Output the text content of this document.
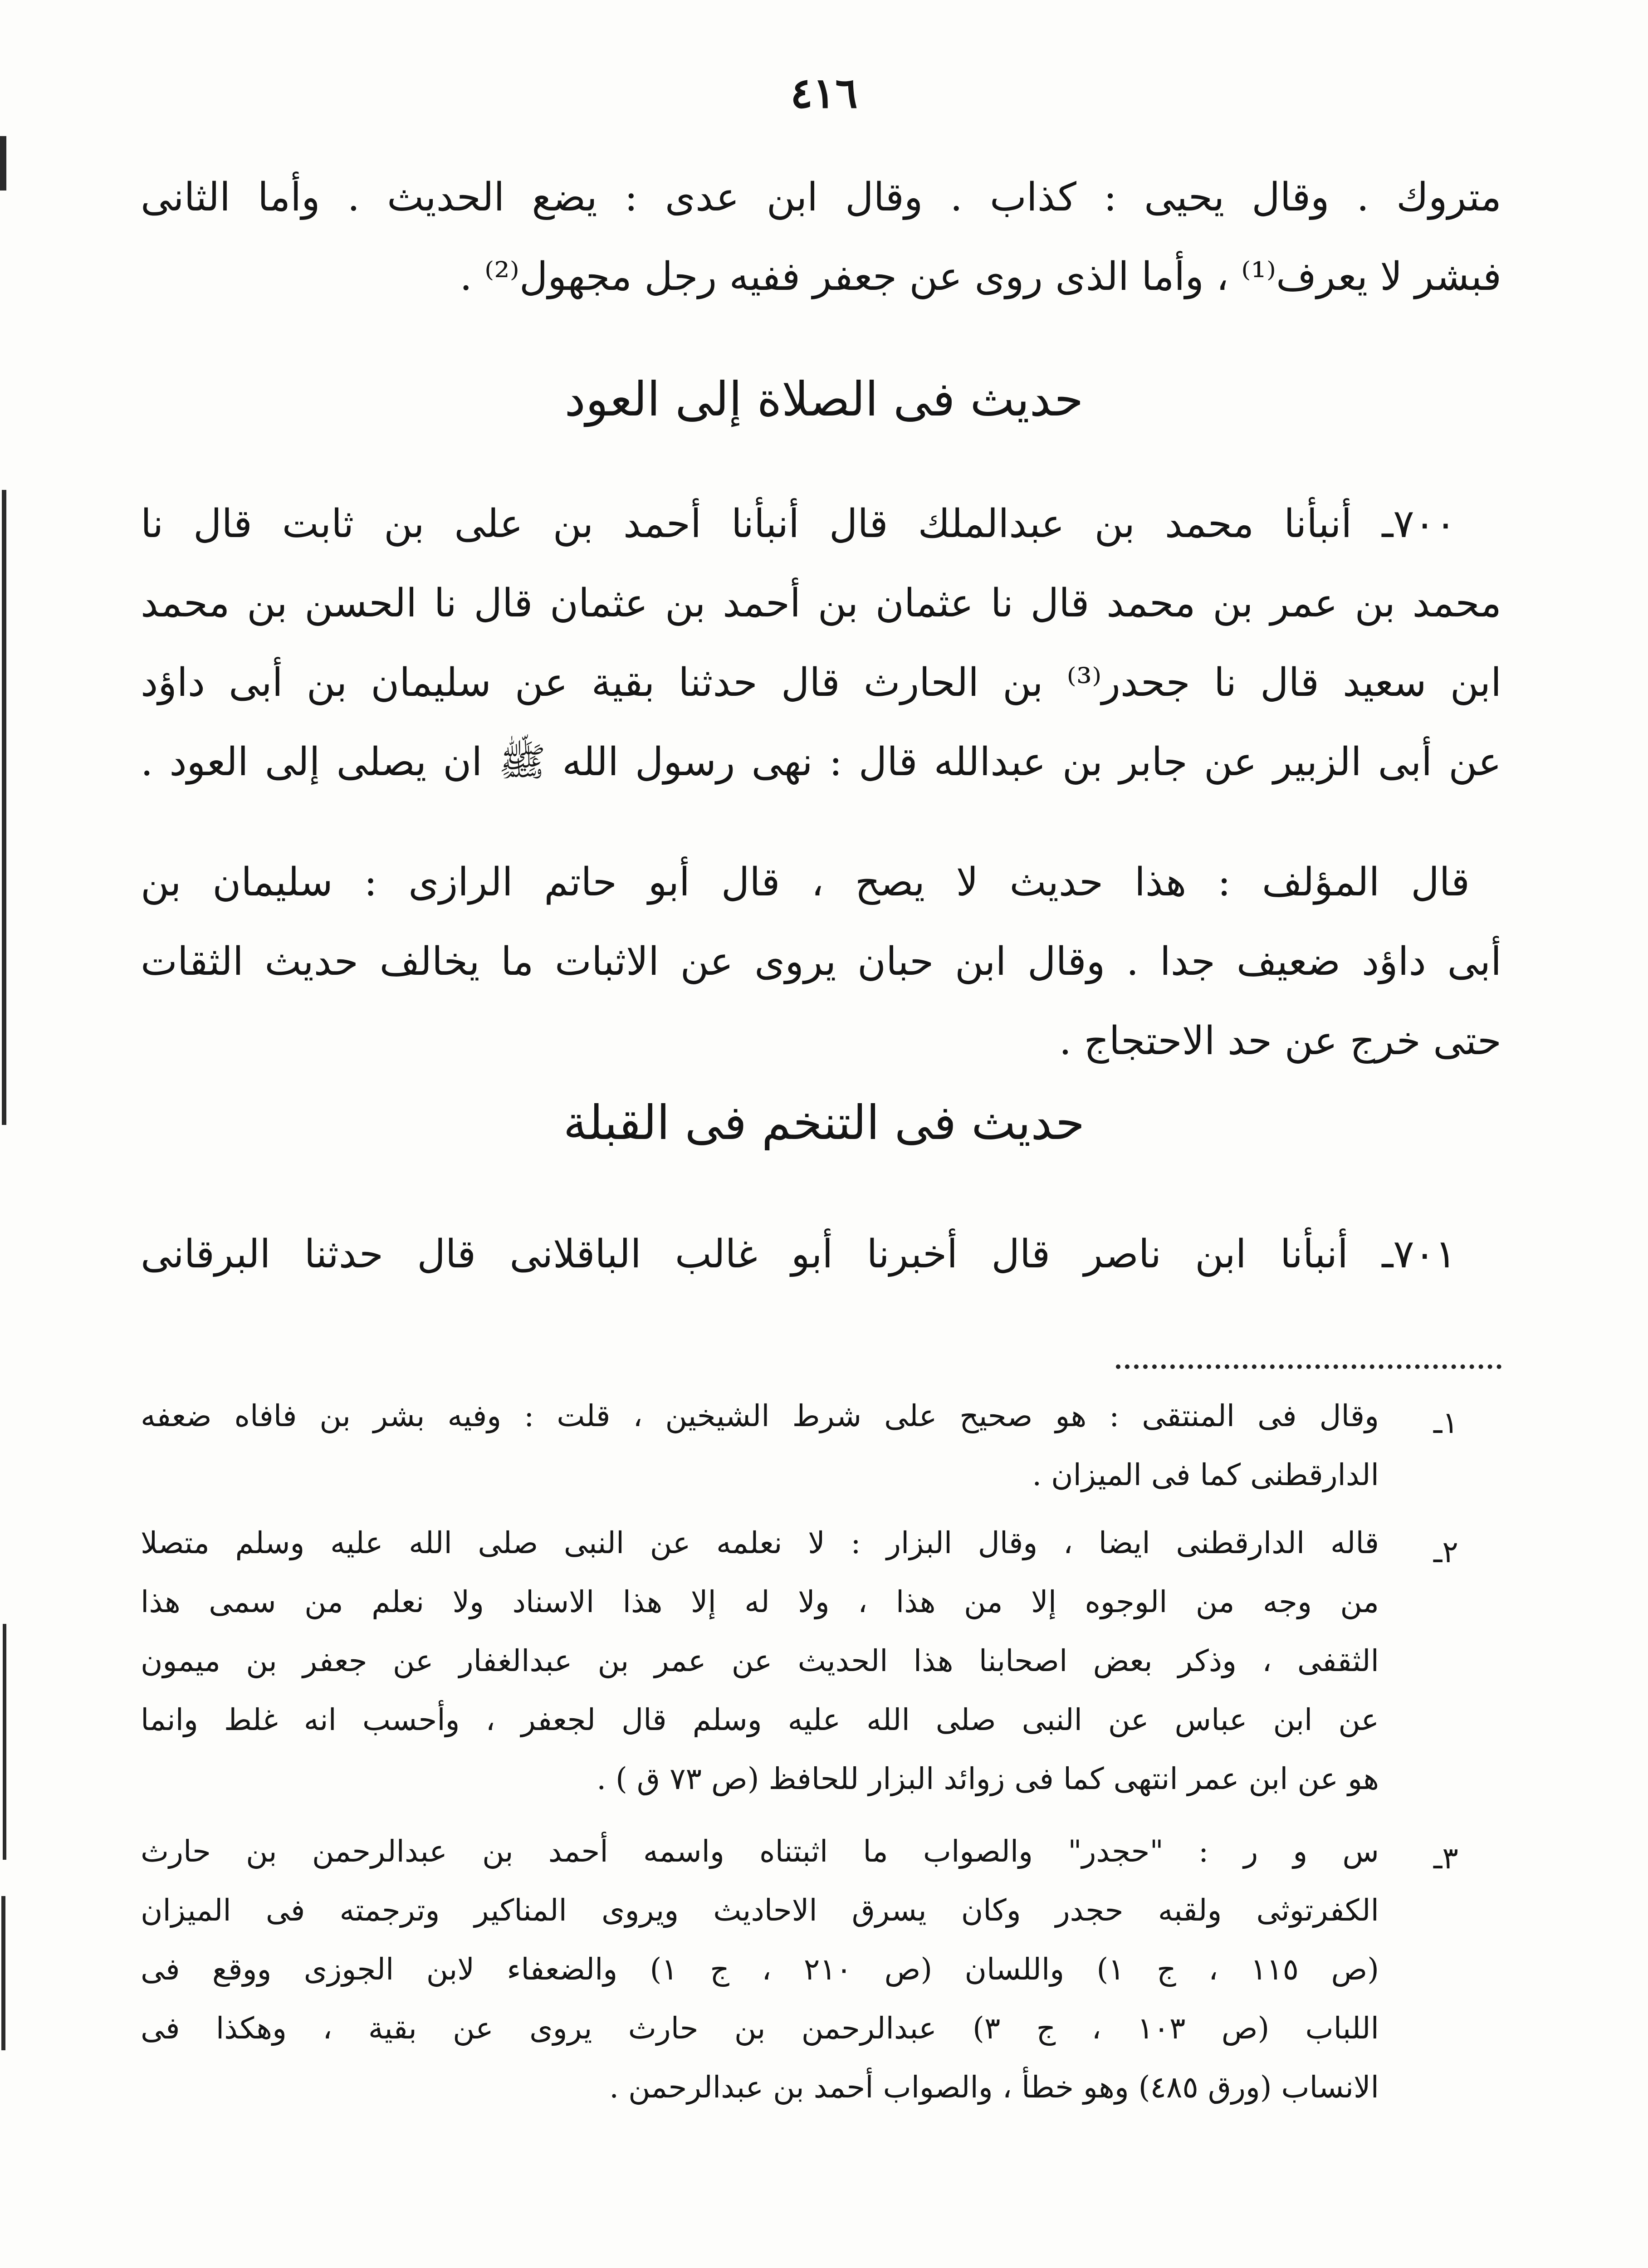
٤١٦
متروك . وقال يحيى : كذاب . وقال ابن عدى : يضع الحديث . وأما الثانى
فبشر لا يعرف⁽¹⁾ ، وأما الذى روى عن جعفر ففيه رجل مجهول⁽²⁾ .
حديث فى الصلاة إلى العود
٧٠٠ـ أنبأنا محمد بن عبدالملك قال أنبأنا أحمد بن على بن ثابت قال نا
محمد بن عمر بن محمد قال نا عثمان بن أحمد بن عثمان قال نا الحسن بن محمد
ابن سعيد قال نا جحدر⁽³⁾ بن الحارث قال حدثنا بقية عن سليمان بن أبى داؤد
عن أبى الزبير عن جابر بن عبدالله قال : نهى رسول الله ﷺ ان يصلى إلى العود .
قال المؤلف : هذا حديث لا يصح ، قال أبو حاتم الرازى : سليمان بن
أبى داؤد ضعيف جدا . وقال ابن حبان يروى عن الاثبات ما يخالف حديث الثقات
حتى خرج عن حد الاحتجاج .
حديث فى التنخم فى القبلة
٧٠١ـ أنبأنا ابن ناصر قال أخبرنا أبو غالب الباقلانى قال حدثنا البرقانى
١ـ
وقال فى المنتقى : هو صحيح على شرط الشيخين ، قلت : وفيه بشر بن فافاه ضعفه
الدارقطنى كما فى الميزان .
٢ـ
قاله الدارقطنى ايضا ، وقال البزار : لا نعلمه عن النبى صلى الله عليه وسلم متصلا
من وجه من الوجوه إلا من هذا ، ولا له إلا هذا الاسناد ولا نعلم من سمى هذا
الثقفى ، وذكر بعض اصحابنا هذا الحديث عن عمر بن عبدالغفار عن جعفر بن ميمون
عن ابن عباس عن النبى صلى الله عليه وسلم قال لجعفر ، وأحسب انه غلط وانما
هو عن ابن عمر انتهى كما فى زوائد البزار للحافظ (ص ٧٣ ق ) .
٣ـ
س و ر : "حجدر" والصواب ما اثبتناه واسمه أحمد بن عبدالرحمن بن حارث
الكفرتوثى ولقبه حجدر وكان يسرق الاحاديث ويروى المناكير وترجمته فى الميزان
(ص ١١٥ ، ج ١) واللسان (ص ٢١٠ ، ج ١) والضعفاء لابن الجوزى ووقع فى
اللباب (ص ١٠٣ ، ج ٣) عبدالرحمن بن حارث يروى عن بقية ، وهكذا فى
الانساب (ورق ٤٨٥) وهو خطأ ، والصواب أحمد بن عبدالرحمن .
